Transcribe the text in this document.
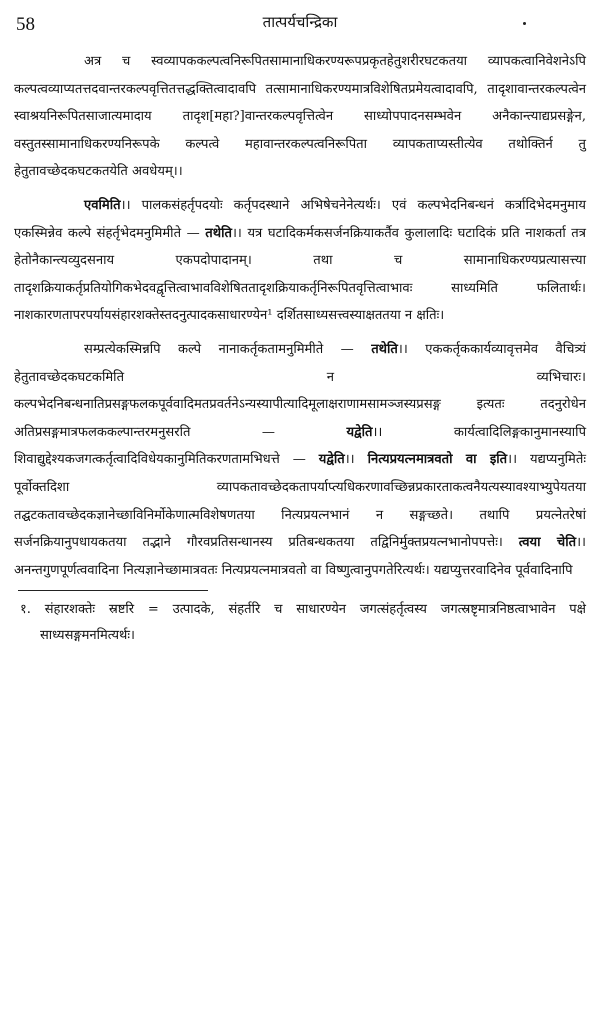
58	तात्पर्यचन्द्रिका

अत्र च स्वव्यापककल्पत्वनिरूपितसामानाधिकरण्यरूपप्रकृतहेतुशरीरघटकतया व्यापकत्वानिवेशनेऽपि कल्पत्वव्याप्यतत्तदवान्तरकल्पवृत्तितत्तद्धक्तित्वादावपि तत्सामानाधिकरण्यमात्रविशेषितप्रमेयत्वादावपि, तादृशावान्तरकल्पत्वेन स्वाश्रयनिरूपितसाजात्यमादाय तादृश[महा?]वान्तरकल्पवृत्तित्वेन साध्योपपादनसम्भवेन अनैकान्त्याद्यप्रसङ्गेन, वस्तुतस्सामानाधिकरण्यनिरूपके कल्पत्वे महावान्तरकल्पत्वनिरूपिता व्यापकताप्यस्तीत्येव तथोक्तिर्न तु हेतुतावच्छेदकघटकतयेति अवधेयम्।।

एवमिति।। पालकसंहर्तृपदयोः कर्तृपदस्थाने अभिषेचनेनेत्यर्थः। एवं कल्पभेदनिबन्धनं कर्त्रादिभेदमनुमाय एकस्मिन्नेव कल्पे संहर्तृभेदमनुमिमीते — तथेति।। यत्र घटादिकर्मकसर्जनक्रियाकर्तैव कुलालादिः घटादिकं प्रति नाशकर्ता तत्र हेतोनैकान्त्यव्युदसनाय एकपदोपादानम्। तथा च सामानाधिकरण्यप्रत्यासत्त्या तादृशक्रियाकर्तृप्रतियोगिकभेदवद्वृत्तित्वाभावविशेषिततादृशक्रियाकर्तृनिरूपितवृत्तित्वाभावः साध्यमिति फलितार्थः। नाशकारणतापरपर्यायसंहारशक्तेस्तदनुत्पादकसाधारण्येन¹ दर्शितसाध्यसत्त्वस्याक्षततया न क्षतिः।

सम्प्रत्येकस्मिन्नपि कल्पे नानाकर्तृकतामनुमिमीते — तथेति।। एककर्तृककार्यव्यावृत्तमेव वैचित्र्यं हेतुतावच्छेदकघटकमिति न व्यभिचारः। कल्पभेदनिबन्धनातिप्रसङ्गफलकपूर्ववादिमतप्रवर्तनेऽन्यस्यापीत्यादिमूलाक्षराणामसामञ्जस्यप्रसङ्ग इत्यतः तदनुरोधेन अतिप्रसङ्गमात्रफलककल्पान्तरमनुसरति — यद्वेति।। कार्यत्वादिलिङ्गकानुमानस्यापि शिवाद्युद्देश्यकजगत्कर्तृत्वादिविधेयकानुमितिकरणतामभिधत्ते — यद्वेति।। नित्यप्रयत्नमात्रवतो वा इति।। यद्यप्यनुमितेः पूर्वोक्तदिशा व्यापकतावच्छेदकतापर्याप्त्यधिकरणावच्छिन्नप्रकारताकत्वनैयत्यस्यावश्याभ्युपेयतया तद्घटकतावच्छेदकज्ञानेच्छाविनिर्मोकेणात्मविशेषणतया नित्यप्रयत्नभानं न सङ्गच्छते। तथापि प्रयत्नेतरेषां सर्जनक्रियानुपधायकतया तद्भाने गौरवप्रतिसन्धानस्य प्रतिबन्धकतया तद्विनिर्मुक्तप्रयत्नभानोपपत्तेः। त्वया चेति।। अनन्तगुणपूर्णत्ववादिना नित्यज्ञानेच्छामात्रवतः नित्यप्रयत्नमात्रवतो वा विष्णुत्वानुपगतेरित्यर्थः। यद्यप्युत्तरवादिनेव पूर्ववादिनापि

१. संहारशक्तेः स्रष्टरि = उत्पादके, संहर्तरि च साधारण्येन जगत्संहर्तृत्वस्य जगत्स्रष्टृमात्रनिष्ठत्वाभावेन पक्षे साध्यसङ्गमनमित्यर्थः।
